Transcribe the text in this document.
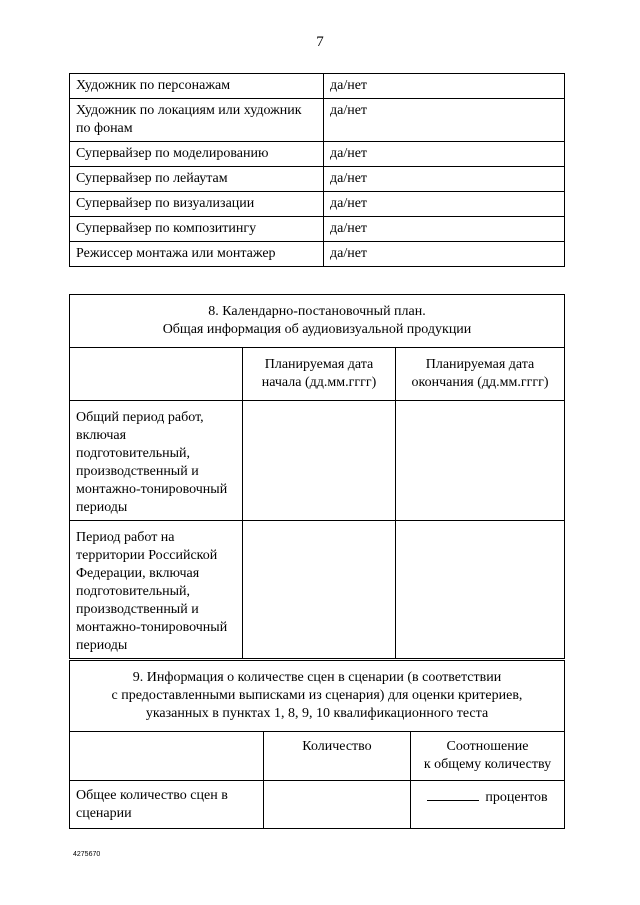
7
Художник по персонажам	да/нет
Художник по локациям или художник по фонам	да/нет
Супервайзер по моделированию	да/нет
Супервайзер по лейаутам	да/нет
Супервайзер по визуализации	да/нет
Супервайзер по композитингу	да/нет
Режиссер монтажа или монтажер	да/нет
8. Календарно-постановочный план.
Общая информация об аудиовизуальной продукции		

	Планируемая дата начала (дд.мм.гггг)	Планируемая дата окончания (дд.мм.гггг)
Общий период работ, включая подготовительный, производственный и монтажно-тонировочный периоды		
Период работ на территории Российской Федерации, включая подготовительный, производственный и монтажно-тонировочный периоды		
9. Информация о количестве сцен в сценарии (в соответствии
с предоставленными выписками из сценария) для оценки критериев,
указанных в пунктах 1, 8, 9, 10 квалификационного теста		

	Количество	Соотношение
к общему количеству

Общее количество сцен в сценарии		процентов
4275670
